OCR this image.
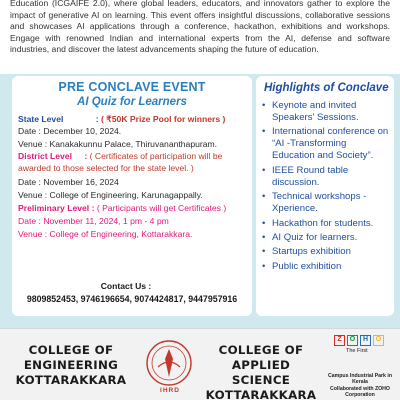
Education (ICGAIFE 2.0), where global leaders, educators, and innovators gather to explore the impact of generative AI on learning. This event offers insightful discussions, collaborative sessions and showcases AI applications through a conference, hackathon, exhibitions and workshops. Engage with renowned Indian and international experts from the AI, defense and software industries, and discover the latest advancements shaping the future of education.

PRE CONCLAVE EVENT
AI Quiz for Learners
State Level	: ( ₹50K Prize Pool for winners )
Date : December 10, 2024.
Venue : Kanakakunnu Palace, Thiruvananthapuram.
District Level : ( Certificates of participation will be
awarded to those selected for the state level. )
Date : November 16, 2024
Venue : College of Engineering, Karunagappally.
Preliminary Level : ( Participants will get Certificates )
Date : November 11, 2024, 1 pm - 4 pm
Venue : College of Engineering, Kottarakkara.
Highlights of Conclave
• Keynote and invited Speakers' Sessions.
• International conference on “AI -Transforming Education and Society”.
• IEEE Round table discussion.
• Technical workshops - Xperience.
• Hackathon for students.
• AI Quiz for learners.
• Startups exhibition
• Public exhibition
Contact Us :
9809852453, 9746196654, 9074424817, 9447957916
COLLEGE OF
ENGINEERING
KOTTARAKKARA
IHRD
COLLEGE OF
APPLIED SCIENCE
KOTTARAKKARA
Z	O	H	O
The First
Campus Industrial Park in Kerala
Collaborated with ZOHO Corporation
